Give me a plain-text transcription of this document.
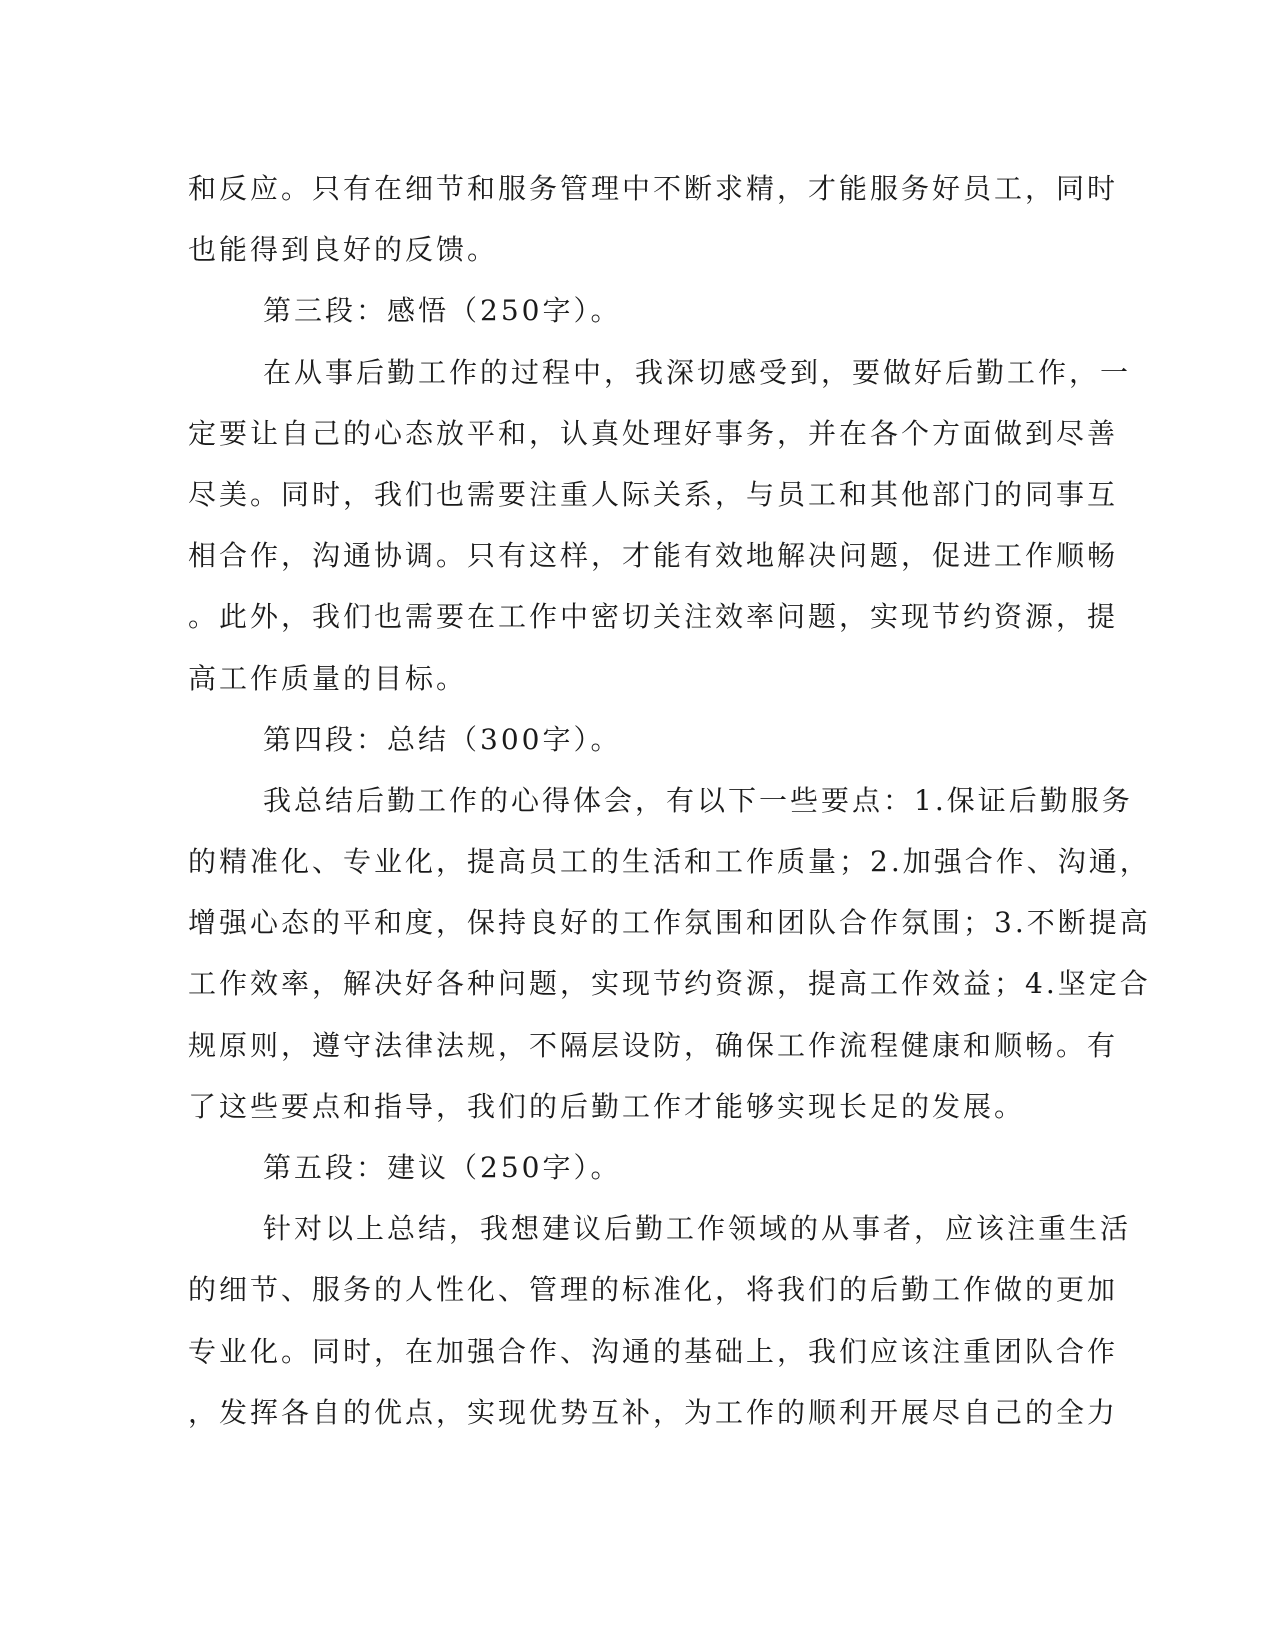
和反应。只有在细节和服务管理中不断求精，才能服务好员工，同时
也能得到良好的反馈。
第三段：感悟（250字）。
在从事后勤工作的过程中，我深切感受到，要做好后勤工作，一
定要让自己的心态放平和，认真处理好事务，并在各个方面做到尽善
尽美。同时，我们也需要注重人际关系，与员工和其他部门的同事互
相合作，沟通协调。只有这样，才能有效地解决问题，促进工作顺畅
。此外，我们也需要在工作中密切关注效率问题，实现节约资源，提
高工作质量的目标。
第四段：总结（300字）。
我总结后勤工作的心得体会，有以下一些要点：1.保证后勤服务
的精准化、专业化，提高员工的生活和工作质量；2.加强合作、沟通，
增强心态的平和度，保持良好的工作氛围和团队合作氛围；3.不断提高
工作效率，解决好各种问题，实现节约资源，提高工作效益；4.坚定合
规原则，遵守法律法规，不隔层设防，确保工作流程健康和顺畅。有
了这些要点和指导，我们的后勤工作才能够实现长足的发展。
第五段：建议（250字）。
针对以上总结，我想建议后勤工作领域的从事者，应该注重生活
的细节、服务的人性化、管理的标准化，将我们的后勤工作做的更加
专业化。同时，在加强合作、沟通的基础上，我们应该注重团队合作
，发挥各自的优点，实现优势互补，为工作的顺利开展尽自己的全力
